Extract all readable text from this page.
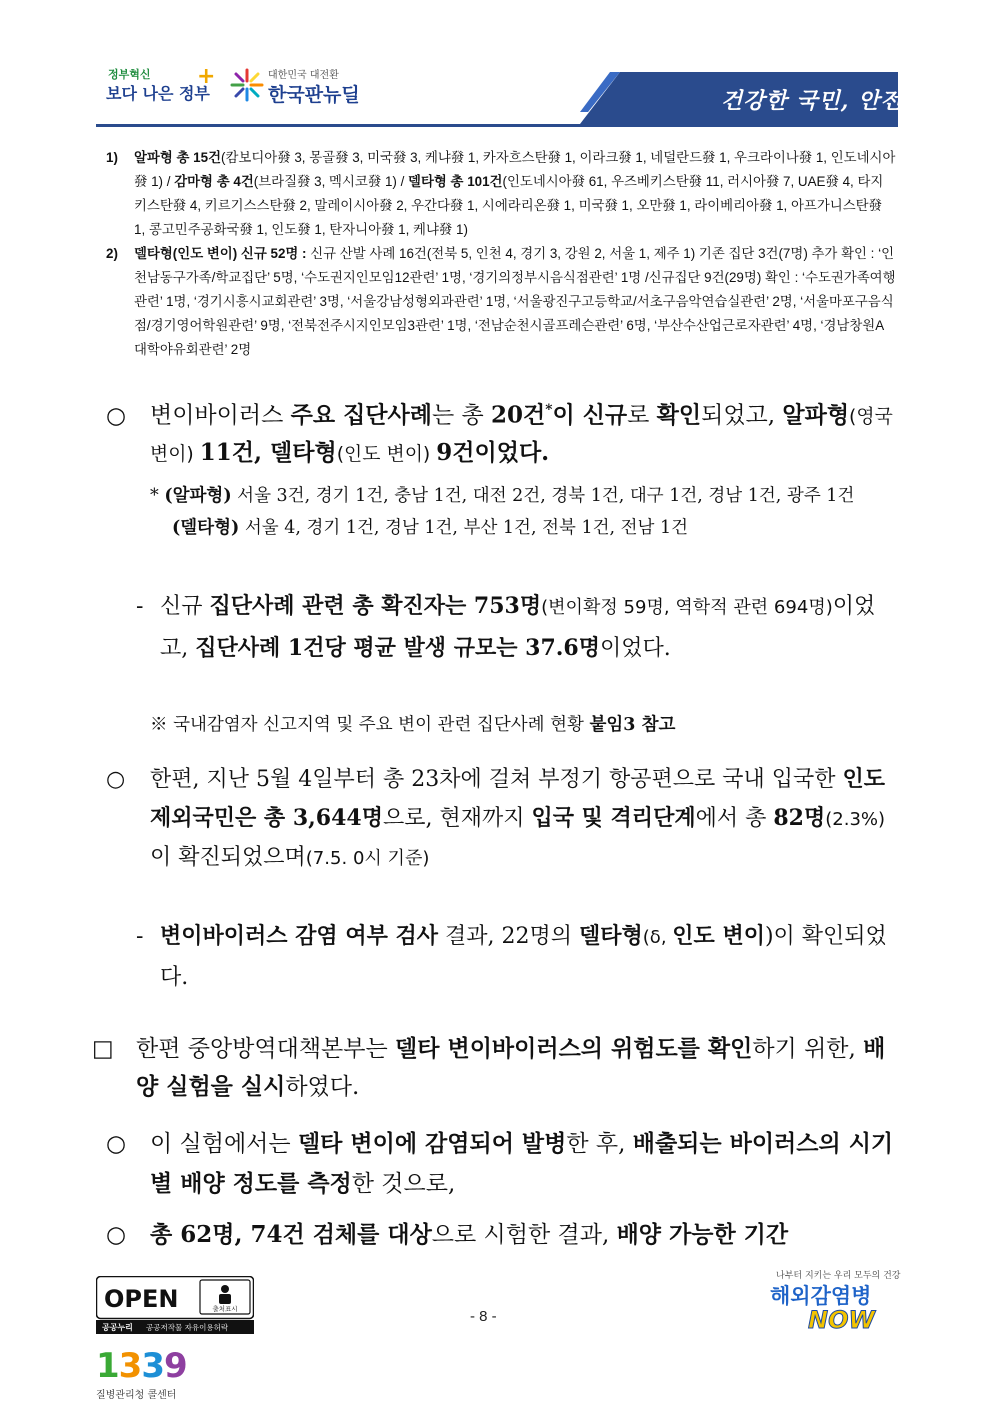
정부혁신
보다 나은 정부
+	대한민국 대전환
한국판뉴딜	건강한 국민, 안전한 사회

1) 알파형 총 15건(캄보디아發 3, 몽골發 3, 미국發 3, 케냐發 1, 카자흐스탄發 1, 이라크發 1, 네덜란드發 1, 우크라이나發 1, 인도네시아發 1) / 감마형 총 4건(브라질發 3, 멕시코發 1) / 델타형 총 101건(인도네시아發 61, 우즈베키스탄發 11, 러시아發 7, UAE發 4, 타지키스탄發 4, 키르기스스탄發 2, 말레이시아發 2, 우간다發 1, 시에라리온發 1, 미국發 1, 오만發 1, 라이베리아發 1, 아프가니스탄發 1, 콩고민주공화국發 1, 인도發 1, 탄자니아發 1, 케냐發 1)

2) 델타형(인도 변이) 신규 52명 : 신규 산발 사례 16건(전북 5, 인천 4, 경기 3, 강원 2, 서울 1, 제주 1) 기존 집단 3건(7명) 추가 확인 : ‘인천남동구가족/학교집단’ 5명, ‘수도권지인모임12관련’ 1명, ‘경기의정부시음식점관련’ 1명 /신규집단 9건(29명) 확인 : ‘수도권가족여행관련’ 1명, ‘경기시흥시교회관련’ 3명, ‘서울강남성형외과관련’ 1명, ‘서울광진구고등학교/서초구음악연습실관련’ 2명, ‘서울마포구음식점/경기영어학원관련’ 9명, ‘전북전주시지인모임3관련’ 1명, ‘전남순천시골프레슨관련’ 6명, ‘부산수산업근로자관련’ 4명, ‘경남창원A대학야유회관련’ 2명

○ 변이바이러스 주요 집단사례는 총 20건*이 신규로 확인되었고, 알파형(영국 변이) 11건, 델타형(인도 변이) 9건이었다.
* (알파형) 서울 3건, 경기 1건, 충남 1건, 대전 2건, 경북 1건, 대구 1건, 경남 1건, 광주 1건
(델타형) 서울 4, 경기 1건, 경남 1건, 부산 1건, 전북 1건, 전남 1건
- 신규 집단사례 관련 총 확진자는 753명(변이확정 59명, 역학적 관련 694명)이었고, 집단사례 1건당 평균 발생 규모는 37.6명이었다.
※ 국내감염자 신고지역 및 주요 변이 관련 집단사례 현황 붙임3 참고
○ 한편, 지난 5월 4일부터 총 23차에 걸쳐 부정기 항공편으로 국내 입국한 인도 제외국민은 총 3,644명으로, 현재까지 입국 및 격리단계에서 총 82명(2.3%)이 확진되었으며(7.5. 0시 기준)
- 변이바이러스 감염 여부 검사 결과, 22명의 델타형(δ, 인도 변이)이 확인되었다.
□ 한편 중앙방역대책본부는 델타 변이바이러스의 위험도를 확인하기 위한, 배양 실험을 실시하였다.
○ 이 실험에서는 델타 변이에 감염되어 발병한 후, 배출되는 바이러스의 시기별 배양 정도를 측정한 것으로,
○ 총 62명, 74건 검체를 대상으로 시험한 결과, 배양 가능한 기간
OPEN	출처표시
공공누리 공공저작물 자유이용허락
- 8 -
1339
질병관리청 콜센터
나부터 지키는 우리 모두의 건강
해외감염병
NOW
